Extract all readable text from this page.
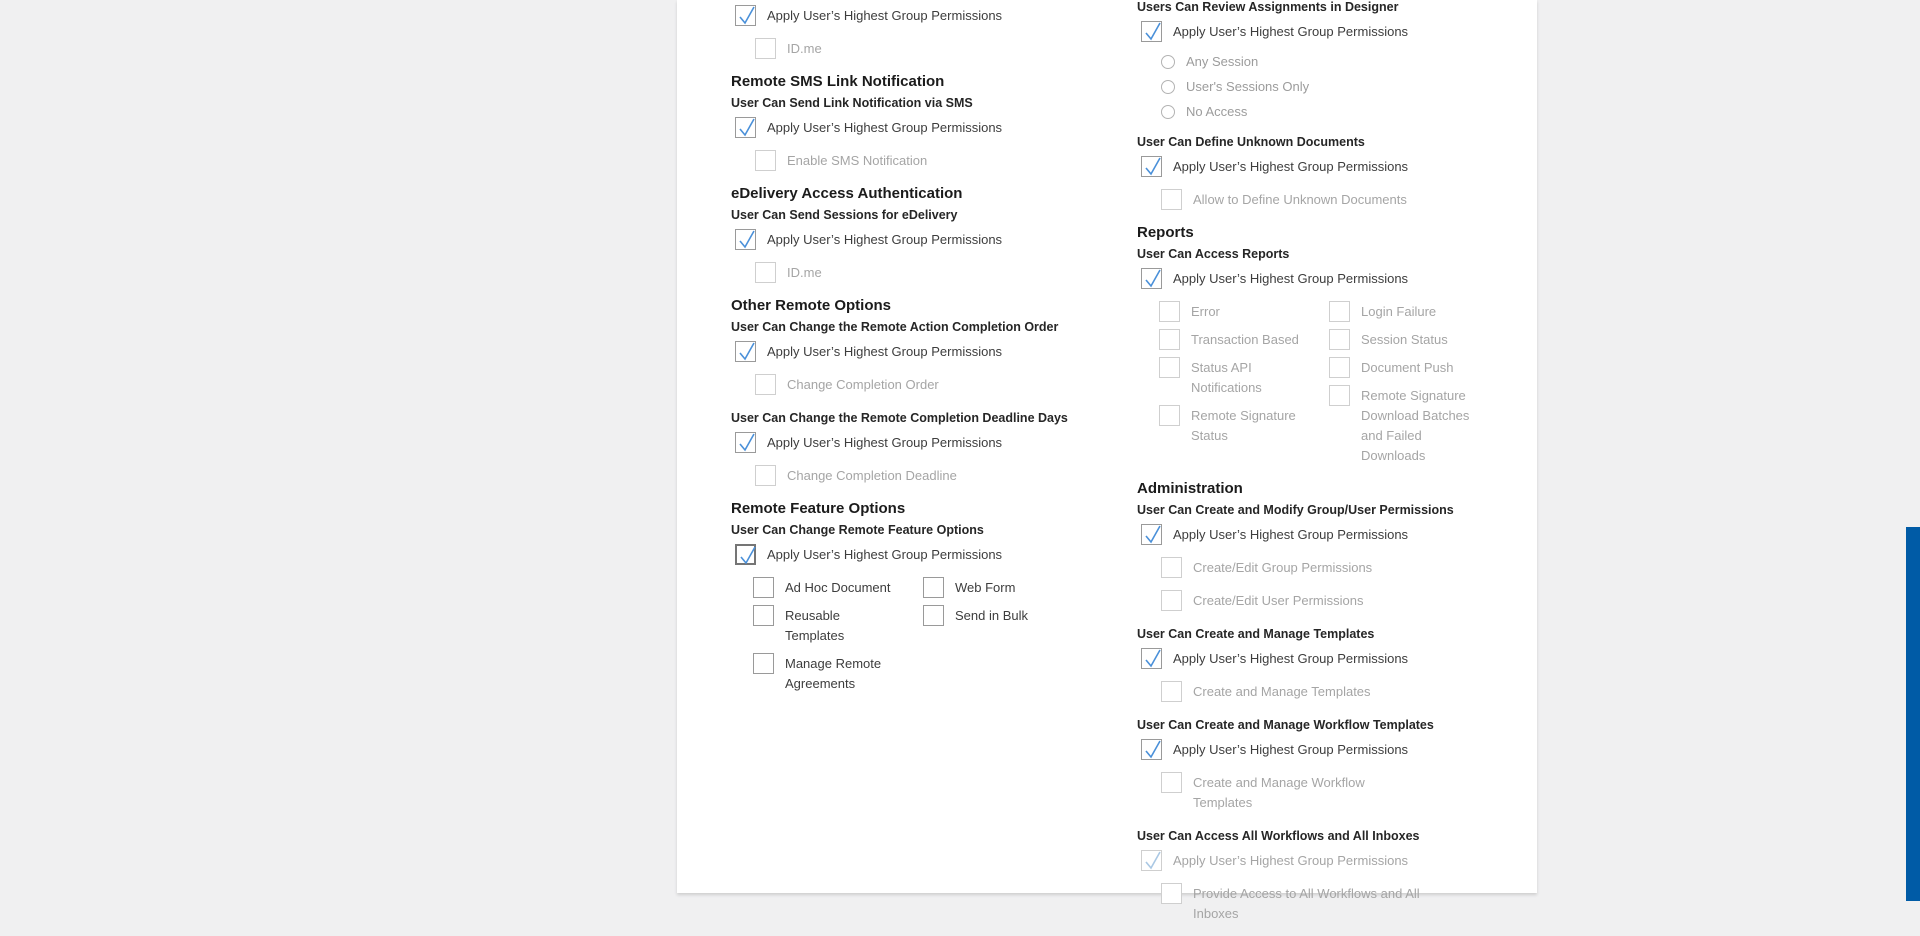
Apply User’s Highest Group Permissions
ID.me
Remote SMS Link Notification
User Can Send Link Notification via SMS
Apply User’s Highest Group Permissions
Enable SMS Notification
eDelivery Access Authentication
User Can Send Sessions for eDelivery
Apply User’s Highest Group Permissions
ID.me
Other Remote Options
User Can Change the Remote Action Completion Order
Apply User’s Highest Group Permissions
Change Completion Order
User Can Change the Remote Completion Deadline Days
Apply User’s Highest Group Permissions
Change Completion Deadline
Remote Feature Options
User Can Change Remote Feature Options
Apply User’s Highest Group Permissions
Ad Hoc Document
Reusable Templates
Manage Remote Agreements
Web Form
Send in Bulk
Users Can Review Assignments in Designer
Apply User’s Highest Group Permissions
Any Session
User's Sessions Only
No Access
User Can Define Unknown Documents
Apply User’s Highest Group Permissions
Allow to Define Unknown Documents
Reports
User Can Access Reports
Apply User’s Highest Group Permissions
Error
Transaction Based
Status API Notifications
Remote Signature Status
Login Failure
Session Status
Document Push
Remote Signature Download Batches and Failed Downloads
Administration
User Can Create and Modify Group/User Permissions
Apply User’s Highest Group Permissions
Create/Edit Group Permissions
Create/Edit User Permissions
User Can Create and Manage Templates
Apply User’s Highest Group Permissions
Create and Manage Templates
User Can Create and Manage Workflow Templates
Apply User’s Highest Group Permissions
Create and Manage Workflow Templates
User Can Access All Workflows and All Inboxes
Apply User’s Highest Group Permissions
Provide Access to All Workflows and All Inboxes
